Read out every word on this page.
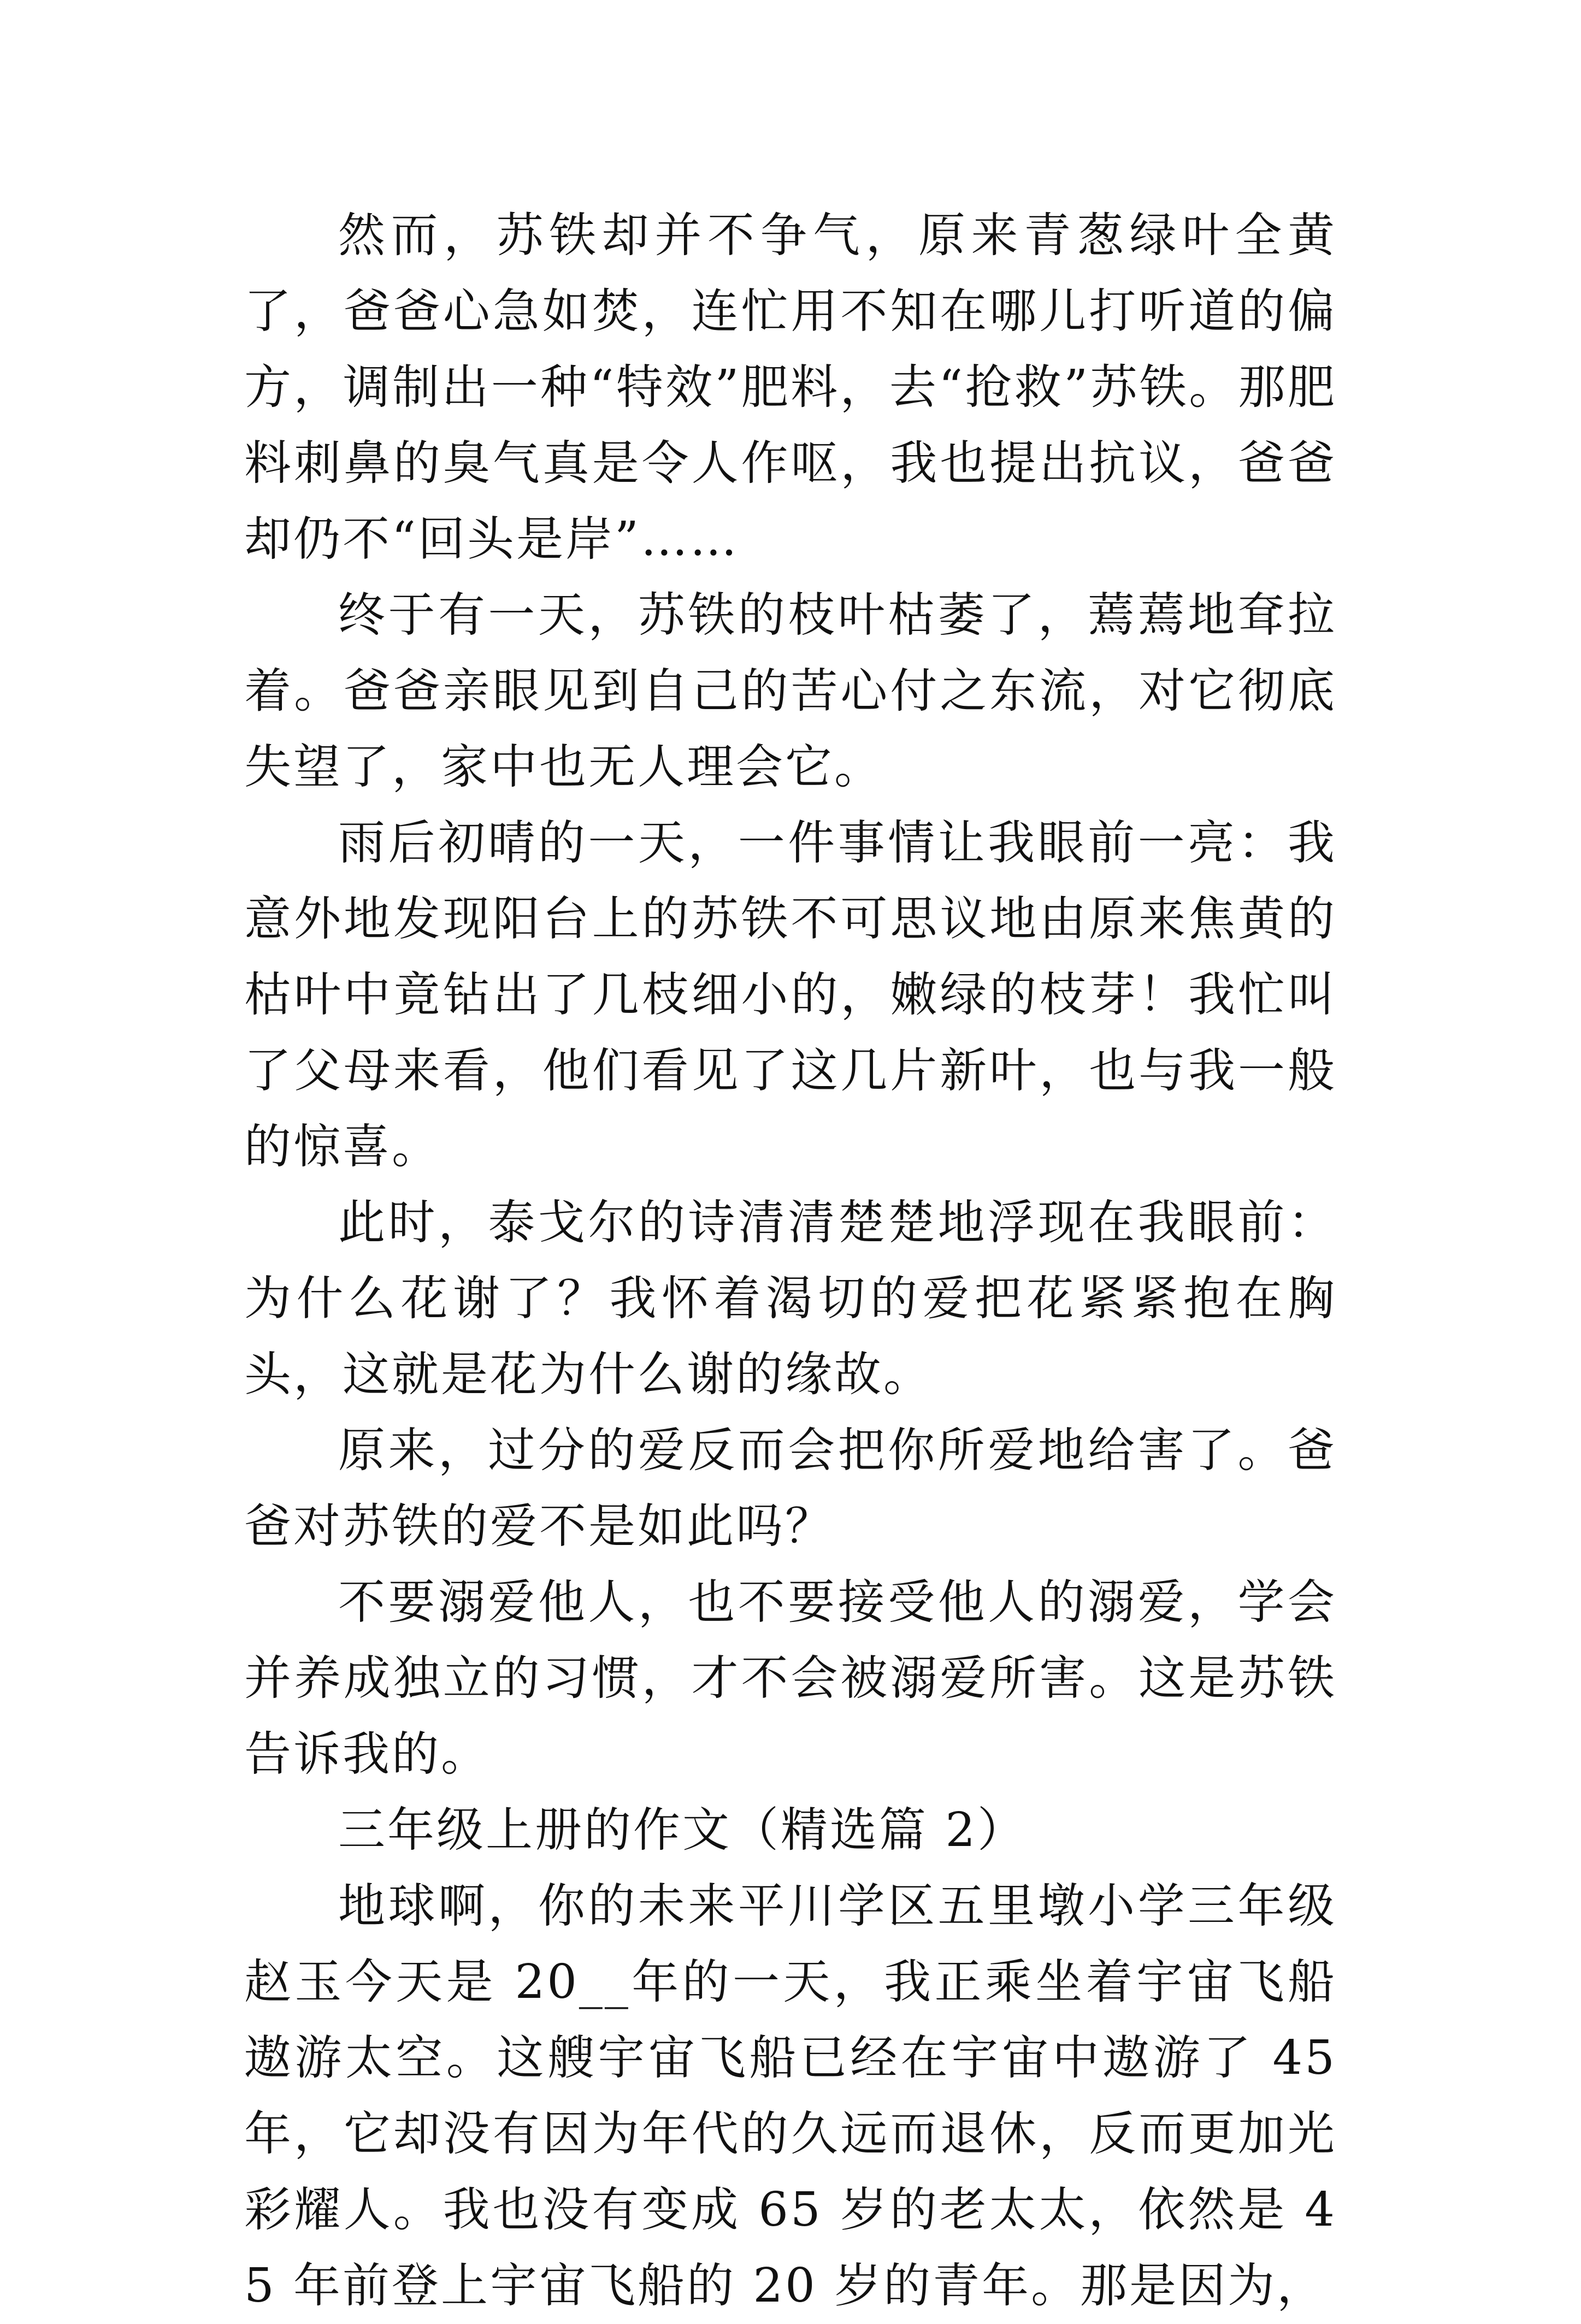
然而，苏铁却并不争气，原来青葱绿叶全黄了，爸爸心急如焚，连忙用不知在哪儿打听道的偏方，调制出一种“特效”肥料，去“抢救”苏铁。那肥料刺鼻的臭气真是令人作呕，我也提出抗议，爸爸却仍不“回头是岸”……

终于有一天，苏铁的枝叶枯萎了，蔫蔫地耷拉着。爸爸亲眼见到自己的苦心付之东流，对它彻底失望了，家中也无人理会它。

雨后初晴的一天，一件事情让我眼前一亮：我意外地发现阳台上的苏铁不可思议地由原来焦黄的枯叶中竟钻出了几枝细小的，嫩绿的枝芽！我忙叫了父母来看，他们看见了这几片新叶，也与我一般的惊喜。

此时，泰戈尔的诗清清楚楚地浮现在我眼前：为什么花谢了？我怀着渴切的爱把花紧紧抱在胸头，这就是花为什么谢的缘故。

原来，过分的爱反而会把你所爱地给害了。爸爸对苏铁的爱不是如此吗？

不要溺爱他人，也不要接受他人的溺爱，学会并养成独立的习惯，才不会被溺爱所害。这是苏铁告诉我的。

三年级上册的作文（精选篇 2）

地球啊，你的未来平川学区五里墩小学三年级 赵玉今天是 20__年的一天，我正乘坐着宇宙飞船遨游太空。这艘宇宙飞船已经在宇宙中遨游了 45 年，它却没有因为年代的久远而退休，反而更加光彩耀人。我也没有变成 65 岁的老太太，依然是 45 年前登上宇宙飞船的 20 岁的青年。那是因为，
